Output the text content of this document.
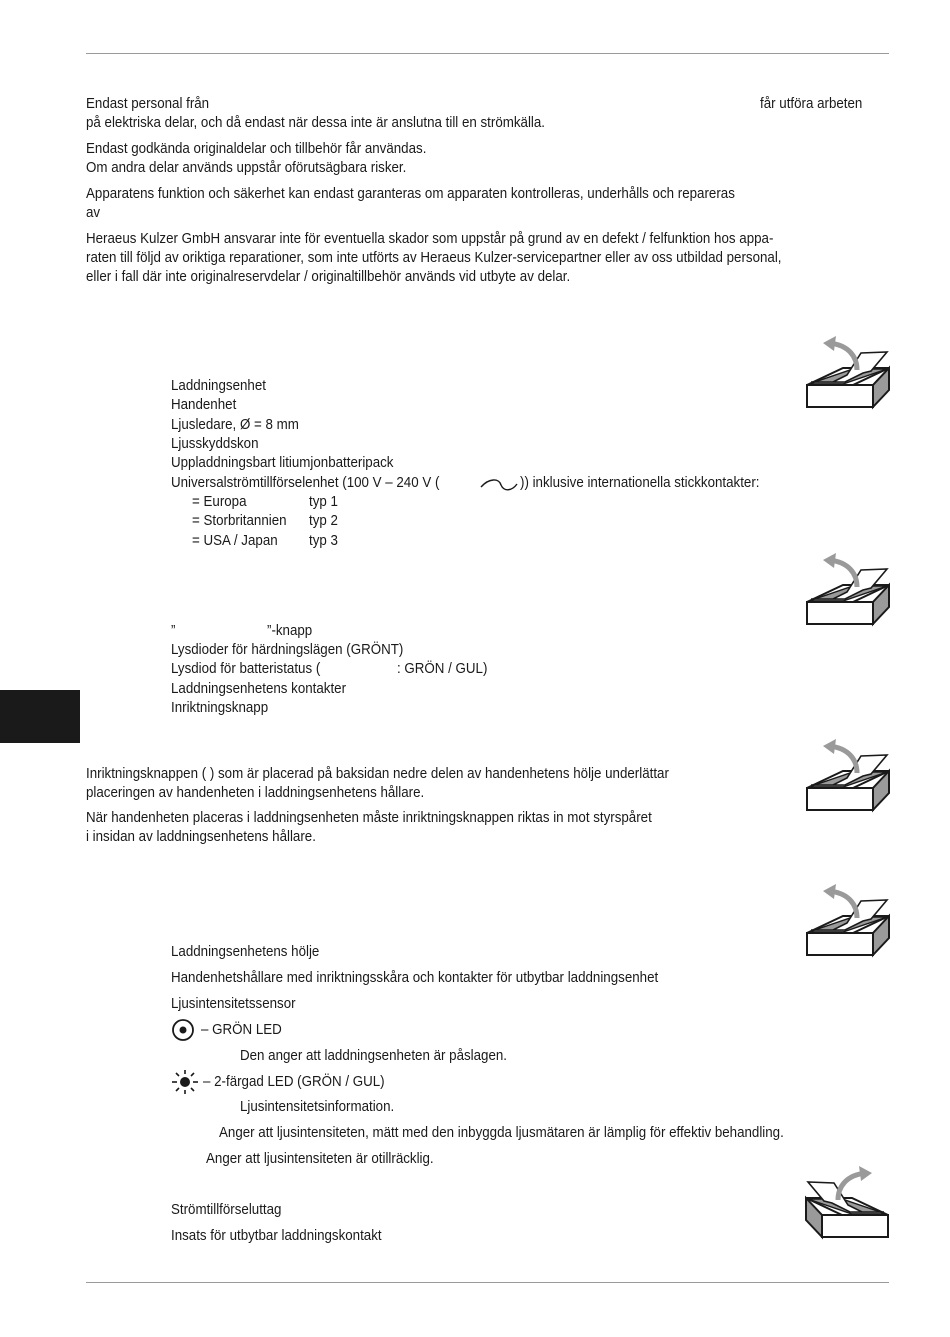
Endast personal från	får utföra arbeten
på elektriska delar, och då endast när dessa inte är anslutna till en strömkälla.
Endast godkända originaldelar och tillbehör får användas.
Om andra delar används uppstår oförutsägbara risker.
Apparatens funktion och säkerhet kan endast garanteras om apparaten kontrolleras, underhålls och repareras
av
Heraeus Kulzer GmbH ansvarar inte för eventuella skador som uppstår på grund av en defekt / felfunktion hos appa-
raten till följd av oriktiga reparationer, som inte utförts av Heraeus Kulzer-servicepartner eller av oss utbildad personal,
eller i fall där inte originalreservdelar / originaltillbehör används vid utbyte av delar.
Laddningsenhet
Handenhet
Ljusledare, Ø = 8 mm
Ljusskyddskon
Uppladdningsbart litiumjonbatteripack
Universalströmtillförselenhet (100 V – 240 V (	)) inklusive internationella stickkontakter:
= Europa	typ 1
= Storbritannien typ 2
= USA / Japan typ 3
”	”-knapp
Lysdioder för härdningslägen (GRÖNT)
Lysdiod för batteristatus (	: GRÖN / GUL)
Laddningsenhetens kontakter
Inriktningsknapp
Inriktningsknappen ( ) som är placerad på baksidan nedre delen av handenhetens hölje underlättar
placeringen av handenheten i laddningsenhetens hållare.
När handenheten placeras i laddningsenheten måste inriktningsknappen riktas in mot styrspåret
i insidan av laddningsenhetens hållare.
Laddningsenhetens hölje
Handenhetshållare med inriktningsskåra och kontakter för utbytbar laddningsenhet
Ljusintensitetssensor
– GRÖN LED
Den anger att laddningsenheten är påslagen.
– 2-färgad LED (GRÖN / GUL)
Ljusintensitetsinformation.
Anger att ljusintensiteten, mätt med den inbyggda ljusmätaren är lämplig för effektiv behandling.
Anger att ljusintensiteten är otillräcklig.
Strömtillförseluttag
Insats för utbytbar laddningskontakt
